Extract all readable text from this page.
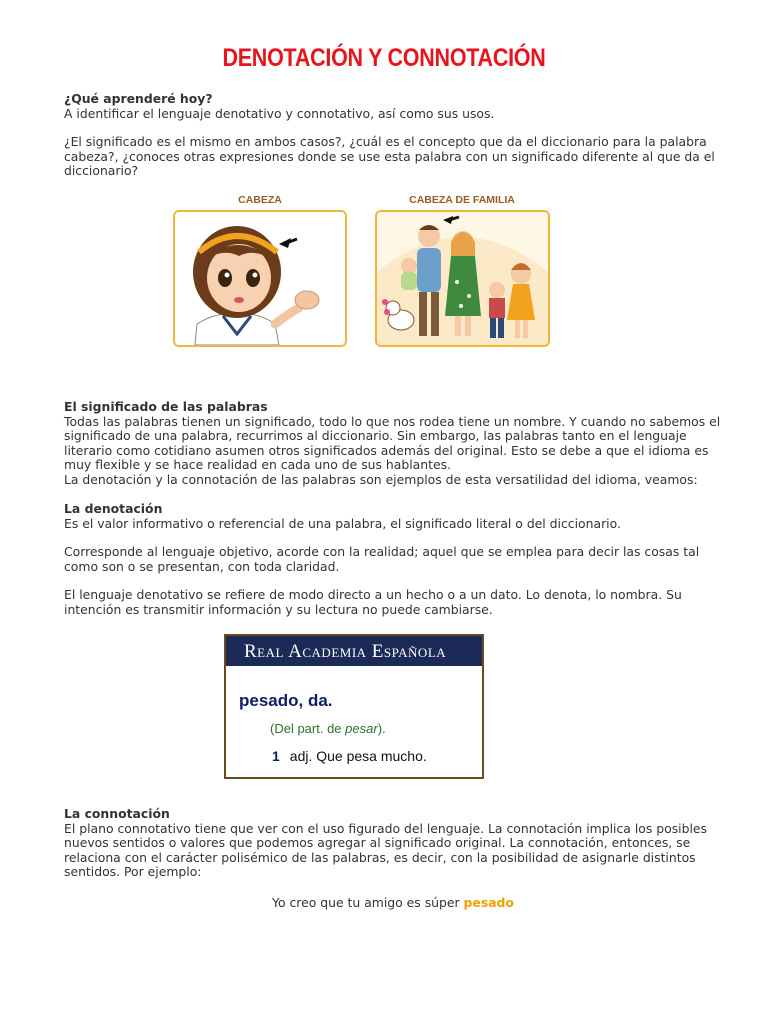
DENOTACIÓN Y CONNOTACIÓN

¿Qué aprenderé hoy?

A identificar el lenguaje denotativo y connotativo, así como sus usos.

¿El significado es el mismo en ambos casos?, ¿cuál es el concepto que da el diccionario para la palabra cabeza?, ¿conoces otras expresiones donde se use esta palabra con un significado diferente al que da el diccionario?

CABEZA	CABEZA DE FAMILIA

El significado de las palabras

Todas las palabras tienen un significado, todo lo que nos rodea tiene un nombre. Y cuando no sabemos el significado de una palabra, recurrimos al diccionario. Sin embargo, las palabras tanto en el lenguaje literario como cotidiano asumen otros significados además del original. Esto se debe a que el idioma es muy flexible y se hace realidad en cada uno de sus hablantes.

La denotación y la connotación de las palabras son ejemplos de esta versatilidad del idioma, veamos:

La denotación

Es el valor informativo o referencial de una palabra, el significado literal o del diccionario.

Corresponde al lenguaje objetivo, acorde con la realidad; aquel que se emplea para decir las cosas tal como son o se presentan, con toda claridad.

El lenguaje denotativo se refiere de modo directo a un hecho o a un dato. Lo denota, lo nombra. Su intención es transmitir información y su lectura no puede cambiarse.

Real Academia Española
pesado, da.
(Del part. de pesar).
1 adj. Que pesa mucho.

La connotación

El plano connotativo tiene que ver con el uso figurado del lenguaje. La connotación implica los posibles nuevos sentidos o valores que podemos agregar al significado original. La connotación, entonces, se relaciona con el carácter polisémico de las palabras, es decir, con la posibilidad de asignarle distintos sentidos. Por ejemplo:

Yo creo que tu amigo es súper pesado
